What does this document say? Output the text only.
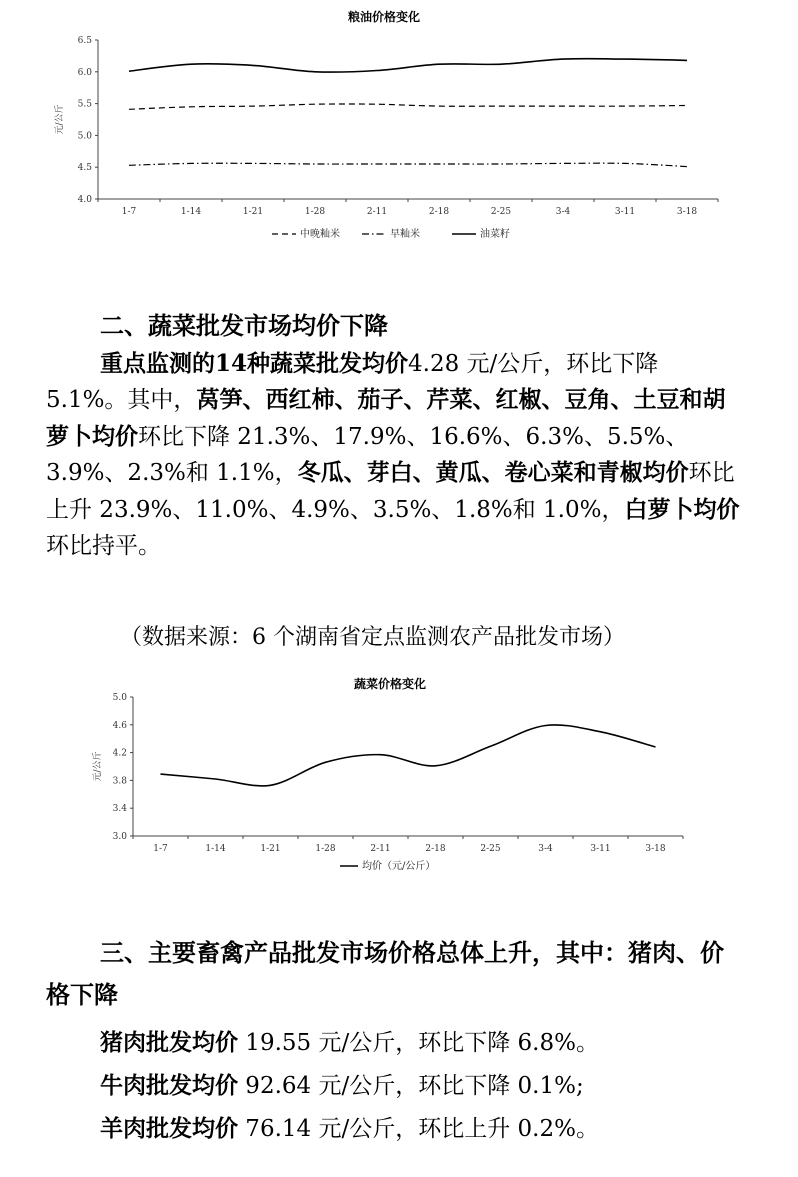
粮油价格变化
6.5
6.0
5.5
5.0
4.5
4.0
1-7	1-14	1-21	1-28	2-11	2-18	2-25	3-4	3-11	3-18
元/公斤
中晚籼米	早籼米	油菜籽
二、蔬菜批发市场均价下降
重点监测的14种蔬菜批发均价4.28 元/公斤，环比下降 5.1%。其中，莴笋、西红柿、茄子、芹菜、红椒、豆角、土豆和胡萝卜均价环比下降 21.3%、17.9%、16.6%、6.3%、5.5%、3.9%、2.3%和 1.1%，冬瓜、芽白、黄瓜、卷心菜和青椒均价环比上升 23.9%、11.0%、4.9%、3.5%、1.8%和 1.0%，白萝卜均价环比持平。
（数据来源：6 个湖南省定点监测农产品批发市场）
蔬菜价格变化
5.0
4.6
4.2
3.8
3.4
3.0
1-7	1-14	1-21	1-28	2-11	2-18	2-25	3-4	3-11	3-18
元/公斤
均价（元/公斤）
三、主要畜禽产品批发市场价格总体上升，其中：猪肉、价格下降
猪肉批发均价 19.55 元/公斤，环比下降 6.8%。
牛肉批发均价 92.64 元/公斤，环比下降 0.1%;
羊肉批发均价 76.14 元/公斤，环比上升 0.2%。
